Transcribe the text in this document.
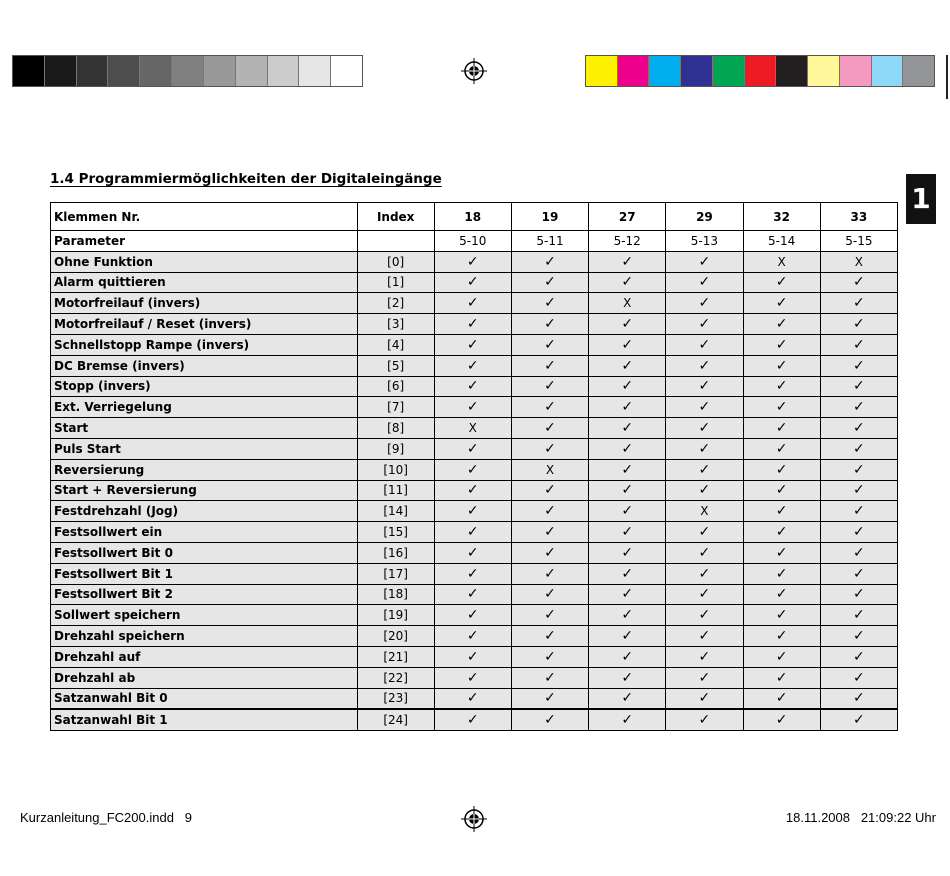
1
1.4 Programmiermöglichkeiten der Digitaleingänge
Klemmen Nr.	Index	18	19	27	29	32	33
Parameter		5-10	5-11	5-12	5-13	5-14	5-15
Ohne Funktion	[0]	✓	✓	✓	✓	X	X
Alarm quittieren	[1]	✓	✓	✓	✓	✓	✓
Motorfreilauf (invers)	[2]	✓	✓	X	✓	✓	✓
Motorfreilauf / Reset (invers)	[3]	✓	✓	✓	✓	✓	✓
Schnellstopp Rampe (invers)	[4]	✓	✓	✓	✓	✓	✓
DC Bremse (invers)	[5]	✓	✓	✓	✓	✓	✓
Stopp (invers)	[6]	✓	✓	✓	✓	✓	✓
Ext. Verriegelung	[7]	✓	✓	✓	✓	✓	✓
Start	[8]	X	✓	✓	✓	✓	✓
Puls Start	[9]	✓	✓	✓	✓	✓	✓
Reversierung	[10]	✓	X	✓	✓	✓	✓
Start + Reversierung	[11]	✓	✓	✓	✓	✓	✓
Festdrehzahl (Jog)	[14]	✓	✓	✓	X	✓	✓
Festsollwert ein	[15]	✓	✓	✓	✓	✓	✓
Festsollwert Bit 0	[16]	✓	✓	✓	✓	✓	✓
Festsollwert Bit 1	[17]	✓	✓	✓	✓	✓	✓
Festsollwert Bit 2	[18]	✓	✓	✓	✓	✓	✓
Sollwert speichern	[19]	✓	✓	✓	✓	✓	✓
Drehzahl speichern	[20]	✓	✓	✓	✓	✓	✓
Drehzahl auf	[21]	✓	✓	✓	✓	✓	✓
Drehzahl ab	[22]	✓	✓	✓	✓	✓	✓
Satzanwahl Bit 0	[23]	✓	✓	✓	✓	✓	✓
Satzanwahl Bit 1	[24]	✓	✓	✓	✓	✓	✓
Kurzanleitung_FC200.indd   9	18.11.2008   21:09:22 Uhr
